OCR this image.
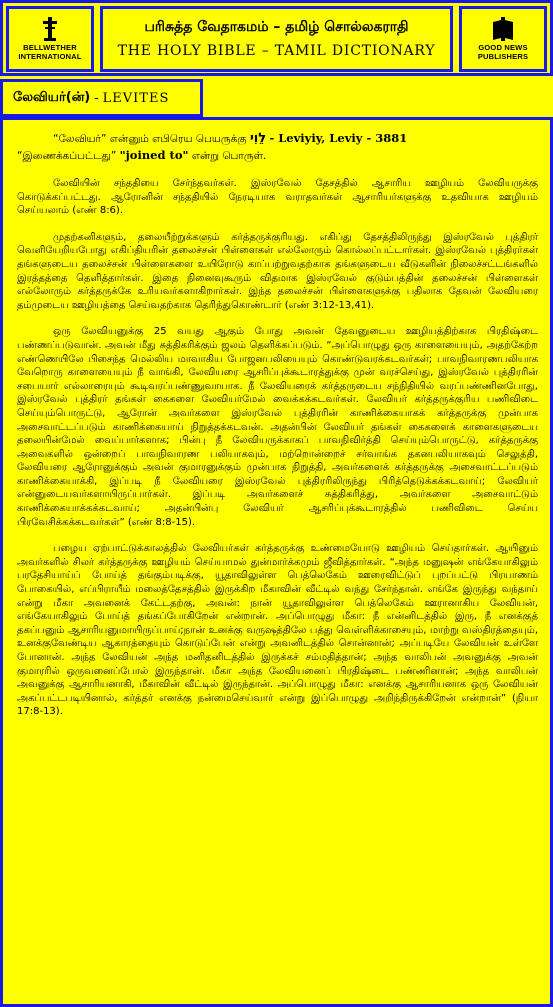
BELLWETHER
INTERNATIONAL
பரிசுத்த வேதாகமம் – தமிழ் சொல்லகராதி
THE HOLY BIBLE – TAMIL DICTIONARY	GOOD NEWS
PUBLISHERS
லேவியர்(ன்) - LEVITES
“லேவியர்” என்னும் எபிரெய பெயருக்கு לֵוִי - Leviyiy, Leviy - 3881
“இணைக்கப்பட்டது” "joined to" என்று பொருள்.

லேவியின் சந்ததியை சேர்ந்தவர்கள். இஸ்ரவேல் தேசத்தில் ஆசாரிய ஊழியம் லேவியருக்கு கொடுக்கப்பட்டது. ஆரோனின் சந்ததியில் நேரடியாக வராதவர்கள் ஆசாரியர்களுக்கு உதவியாக ஊழியம் செய்யலாம் (எண் 8:6).

முதற்கனிகளும், தலையீற்றுக்களும் கர்த்தருக்குரியது. எகிப்து தேசத்திலிருந்து இஸ்ரவேல் புத்திரர் வெளியேறியபோது எகிப்தியரின் தலைச்சன் பிள்ளைகள் எல்லோரும் கொல்லப்பட்டார்கள். இஸ்ரவேல் புத்திரர்கள் தங்களுடைய தலைச்சன் பிள்ளைகளை உயிரோடு காப்பற்றுவதற்காக தங்களுடைய வீடுகளின் நிலைச்சட்டங்களில் இரத்தத்தை தெளித்தார்கள். இதை நினைவுகூரும் விதமாக இஸ்ரவேல் குடும்பத்தின் தலைச்சன் பிள்ளைகள் எல்லோரும் கர்த்தருக்கே உரியவர்களாகிறார்கள். இந்த தலைச்சன் பிள்ளைகளுக்கு பதிலாக தேவன் லேவியரை தம்முடைய ஊழியத்தை செய்வதற்காக தெரிந்துகொண்டார் (எண் 3:12-13,41).

ஒரு லேவியனுக்கு 25 வயது ஆகும் போது அவன் தேவனுடைய ஊழியத்திற்காக பிரதிஷ்டை பண்ணப்படுவான். அவன் மீது சுத்திகரிக்கும் ஜலம் தெளிக்கப்படும். “அப்பொழுது ஒரு காளையையும், அதற்கேற்ற எண்ணெயிலே பிசைந்த மெல்லிய மாவாகிய போஜனபலியையும் கொண்டுவரக்கடவர்கள்; பாவநிவாரணபலியாக வேறொரு காளையையும் நீ வாங்கி, லேவியரை ஆசரிப்புக்கூடாரத்துக்கு முன் வரச்செய்து, இஸ்ரவேல் புத்திரரின் சபையார் எல்லாரையும் கூடிவரப்பண்ணுவாயாக. நீ லேவியரைக் கர்த்தருடைய சந்நிதியில் வரப்பண்ணினபோது, இஸ்ரவேல் புத்திரர் தங்கள் கைகளை லேவியர்மேல் வைக்கக்கடவர்கள். லேவியர் கர்த்தருக்குரிய பணிவிடை செய்யும்பொருட்டு, ஆரோன் அவர்களை இஸ்ரவேல் புத்திரரின் காணிக்கையாகக் கர்த்தருக்கு முன்பாக அசைவாட்டப்படும் காணிக்கையாய் நிறுத்தக்கடவன். அதன்பின் லேவியர் தங்கள் கைகளைக் காளைகளுடைய தலையின்மேல் வைப்பார்களாக; பின்பு நீ லேவியருக்காகப் பாவநிவிர்த்தி செய்யும்பொருட்டு, கர்த்தருக்கு அவைகளில் ஒன்றைப் பாவநிவாரண பலியாகவும், மற்றொன்றைச் சர்வாங்க தகனபலியாகவும் செலுத்தி, லேவியரை ஆரோனுக்கும் அவன் குமாரனுக்கும் முன்பாக நிறுத்தி, அவர்களைக் கர்த்தருக்கு அசைவாட்டப்படும் காணிக்கையாக்கி, இப்படி நீ லேவியரை இஸ்ரவேல் புத்திரரிலிருந்து பிரித்தெடுக்கக்கடவாய்; லேவியர் என்னுடையவர்களாயிருப்பார்கள். இப்படி அவர்களைச் சுத்திகரித்து, அவர்களை அசைவாட்டும் காணிக்கையாக்கக்கடவாய்; அதன்பின்பு லேவியர் ஆசரிப்புக்கூடாரத்தில் பணிவிடை செய்ய பிரவேசிக்கக்கடவர்கள்” (எண் 8:8-15).

பழைய ஏற்பாட்டுக்காலத்தில் லேவியர்கள் கர்த்தருக்கு உண்மையோடு ஊழியம் செய்தார்கள். ஆயினும் அவர்களில் சிலர் கர்த்தருக்கு ஊழியம் செய்யாமல் துன்மார்க்கமும் ஜீவித்தார்கள். “அந்த மனுஷன் எங்கேயாகிலும் பரதேசியாய்ப் போய்த் தங்கும்படிக்கு, யூதாவிலுள்ள பெத்லெகேம் ஊரைவிட்டுப் புறப்பட்டு பிரயாணம் போகையில், எப்பிராயீம் மலைத்தேசத்தில் இருக்கிற மீகாவின் வீட்டில் வந்து சேர்ந்தான். எங்கே இருந்து வந்தாய் என்று மீகா அவனைக் கேட்டதற்கு, அவன்: நான் யூதாவிலுள்ள பெத்லெகேம் ஊரானாகிய லேவியன், எங்கேயாகிலும் போய்த் தங்கப்போகிறேன் என்றான். அப்பொழுது மீகா: நீ என்னிடத்தில் இரு, நீ எனக்குத் தகப்பனும் ஆசாரியனுமாயிருப்பாய்;நான் உனக்கு வருஷத்திலே பத்து வெள்ளிக்காசையும், மாற்று வஸ்திரத்தையும், உனக்குவேண்டிய ஆகாரத்தையும் கொடுப்பேன் என்று அவனிடத்தில் சொன்னான்; அப்படியே லேவியன் உள்ளே போனான். அந்த லேவியன் அந்த மனிதனிடத்தில் இருக்கச் சம்மதித்தான்; அந்த வாலிபன் அவனுக்கு அவன் குமாரரில் ஒருவனைப்போல் இருந்தான். மீகா அந்த லேவியனைப் பிரதிஷ்டை பண்ணினான்; அந்த வாலிபன் அவனுக்கு ஆசாரியனாகி, மீகாவின் வீட்டில் இருந்தான். அப்பொழுது மீகா: எனக்கு ஆசாரியனாக ஒரு லேவியன் அகப்பட்டபடியினால், கர்த்தர் எனக்கு நன்மைசெய்வார் என்று இப்பொழுது அறிந்திருக்கிறேன் என்றான்” (நியா 17:8-13).
